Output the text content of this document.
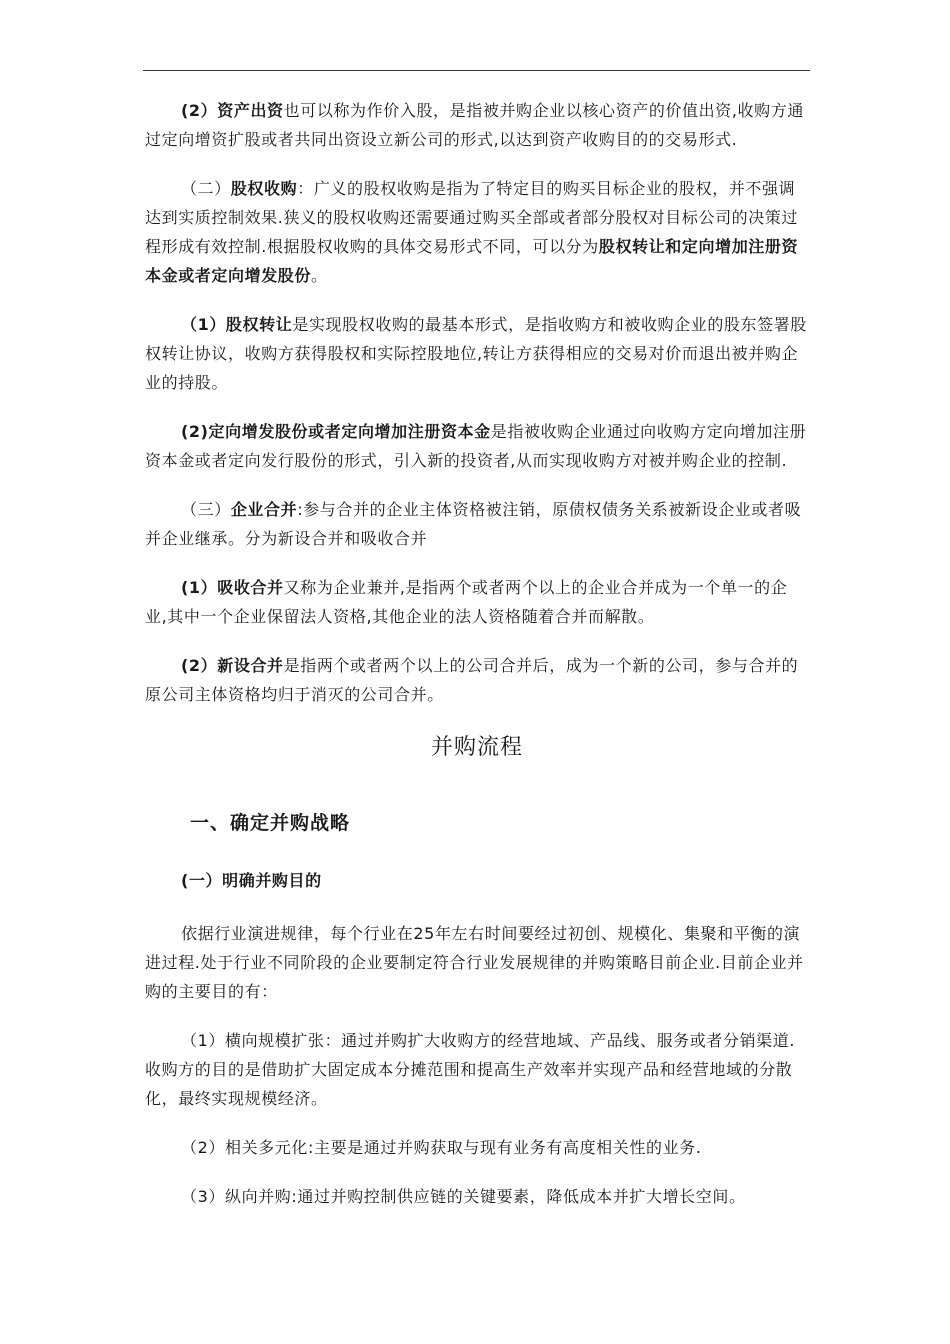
(2）资产出资也可以称为作价入股，是指被并购企业以核心资产的价值出资,收购方通过定向增资扩股或者共同出资设立新公司的形式,以达到资产收购目的的交易形式.

（二）股权收购：广义的股权收购是指为了特定目的购买目标企业的股权，并不强调达到实质控制效果.狭义的股权收购还需要通过购买全部或者部分股权对目标公司的决策过程形成有效控制.根据股权收购的具体交易形式不同，可以分为股权转让和定向增加注册资本金或者定向增发股份。

（1）股权转让是实现股权收购的最基本形式，是指收购方和被收购企业的股东签署股权转让协议，收购方获得股权和实际控股地位,转让方获得相应的交易对价而退出被并购企业的持股。

(2)定向增发股份或者定向增加注册资本金是指被收购企业通过向收购方定向增加注册资本金或者定向发行股份的形式，引入新的投资者,从而实现收购方对被并购企业的控制.

（三）企业合并:参与合并的企业主体资格被注销，原债权债务关系被新设企业或者吸并企业继承。分为新设合并和吸收合并

(1）吸收合并又称为企业兼并,是指两个或者两个以上的企业合并成为一个单一的企业,其中一个企业保留法人资格,其他企业的法人资格随着合并而解散。

(2）新设合并是指两个或者两个以上的公司合并后，成为一个新的公司，参与合并的原公司主体资格均归于消灭的公司合并。

并购流程

一、确定并购战略

(一）明确并购目的

依据行业演进规律，每个行业在25年左右时间要经过初创、规模化、集聚和平衡的演进过程.处于行业不同阶段的企业要制定符合行业发展规律的并购策略目前企业.目前企业并购的主要目的有：

（1）横向规模扩张：通过并购扩大收购方的经营地域、产品线、服务或者分销渠道.收购方的目的是借助扩大固定成本分摊范围和提高生产效率并实现产品和经营地域的分散化，最终实现规模经济。

（2）相关多元化:主要是通过并购获取与现有业务有高度相关性的业务.

（3）纵向并购:通过并购控制供应链的关键要素，降低成本并扩大增长空间。
